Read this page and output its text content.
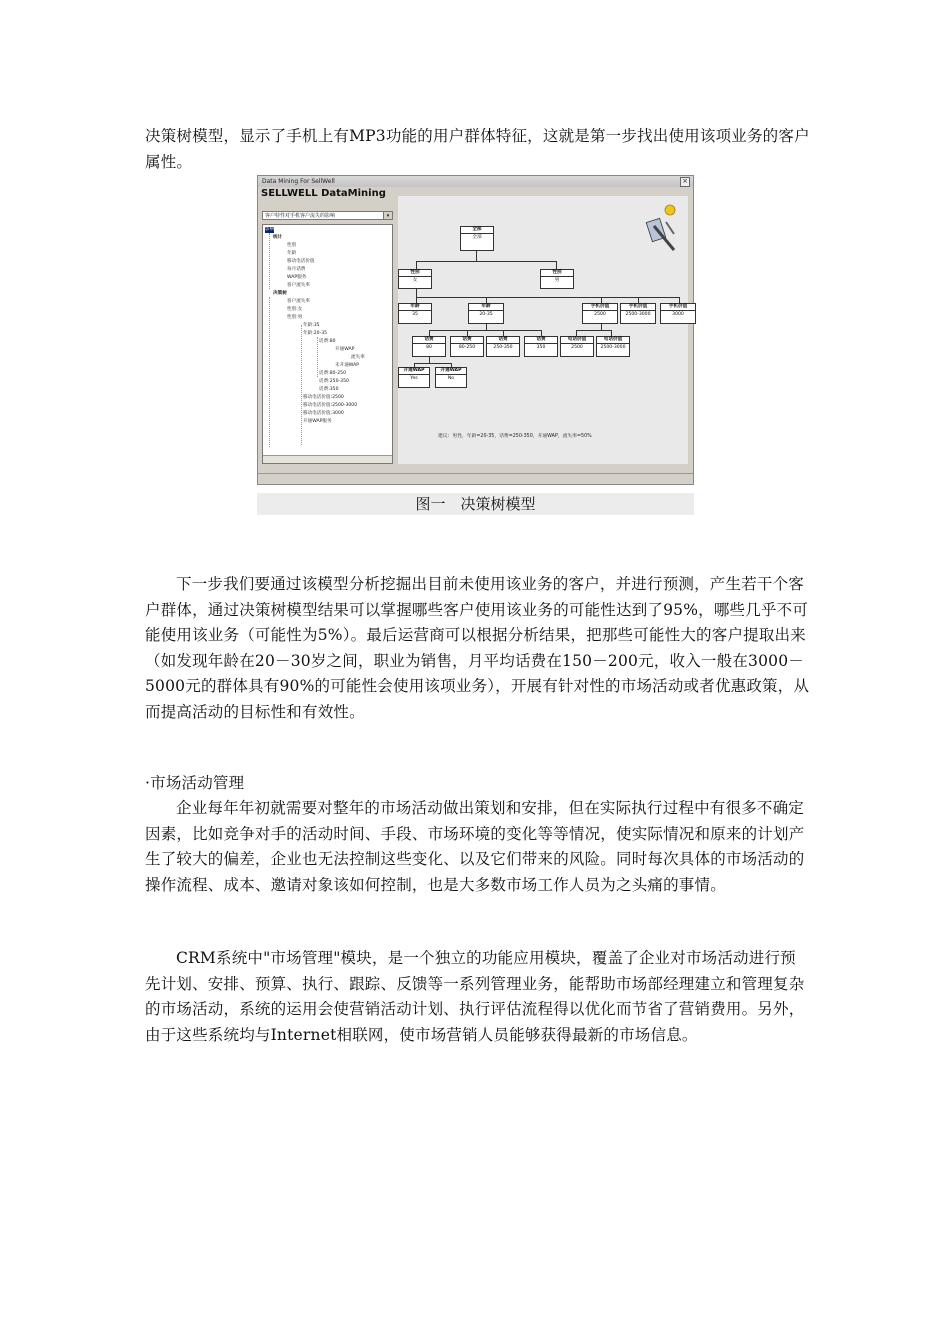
决策树模型，显示了手机上有MP3功能的用户群体特征，这就是第一步找出使用该项业务的客户属性。

Data Mining For SellWell	×
SELLWELL DataMining
客户特性对手机客户流失的影响	▾
影响
统计
性别
年龄
移动电话价值
每月话费
WAP服务
客户流失率
决策树
客户流失率
性别:女
性别:男
年龄:35
年龄:20-35
话费:80
开通WAP
流失率
未开通WAP
话费:80-250
话费:250-350
话费:350
移动电话价值:2500
移动电话价值:2500-3000
移动电话价值:3000
开通WAP服务
全部
全部
性别
女
性别
男
年龄
35
年龄
20-35
手机价值
2500
手机价值
2500-3000
手机价值
3000
话费
80
话费
80-250
话费
250-350
话费
350
电话价值
2500
电话价值
2500-3000
开通WAP
Yes
开通WAP
No
建议：男性，年龄=20-35，话费=250-350，开通WAP，流失率=50%
图一　决策树模型

下一步我们要通过该模型分析挖掘出目前未使用该业务的客户，并进行预测，产生若干个客户群体，通过决策树模型结果可以掌握哪些客户使用该业务的可能性达到了95%，哪些几乎不可能使用该业务（可能性为5%）。最后运营商可以根据分析结果，把那些可能性大的客户提取出来（如发现年龄在20－30岁之间，职业为销售，月平均话费在150－200元，收入一般在3000－5000元的群体具有90%的可能性会使用该项业务），开展有针对性的市场活动或者优惠政策，从而提高活动的目标性和有效性。

·市场活动管理

企业每年年初就需要对整年的市场活动做出策划和安排，但在实际执行过程中有很多不确定因素，比如竞争对手的活动时间、手段、市场环境的变化等等情况，使实际情况和原来的计划产生了较大的偏差，企业也无法控制这些变化、以及它们带来的风险。同时每次具体的市场活动的操作流程、成本、邀请对象该如何控制，也是大多数市场工作人员为之头痛的事情。

CRM系统中"市场管理"模块，是一个独立的功能应用模块，覆盖了企业对市场活动进行预先计划、安排、预算、执行、跟踪、反馈等一系列管理业务，能帮助市场部经理建立和管理复杂的市场活动，系统的运用会使营销活动计划、执行评估流程得以优化而节省了营销费用。另外，由于这些系统均与Internet相联网，使市场营销人员能够获得最新的市场信息。
